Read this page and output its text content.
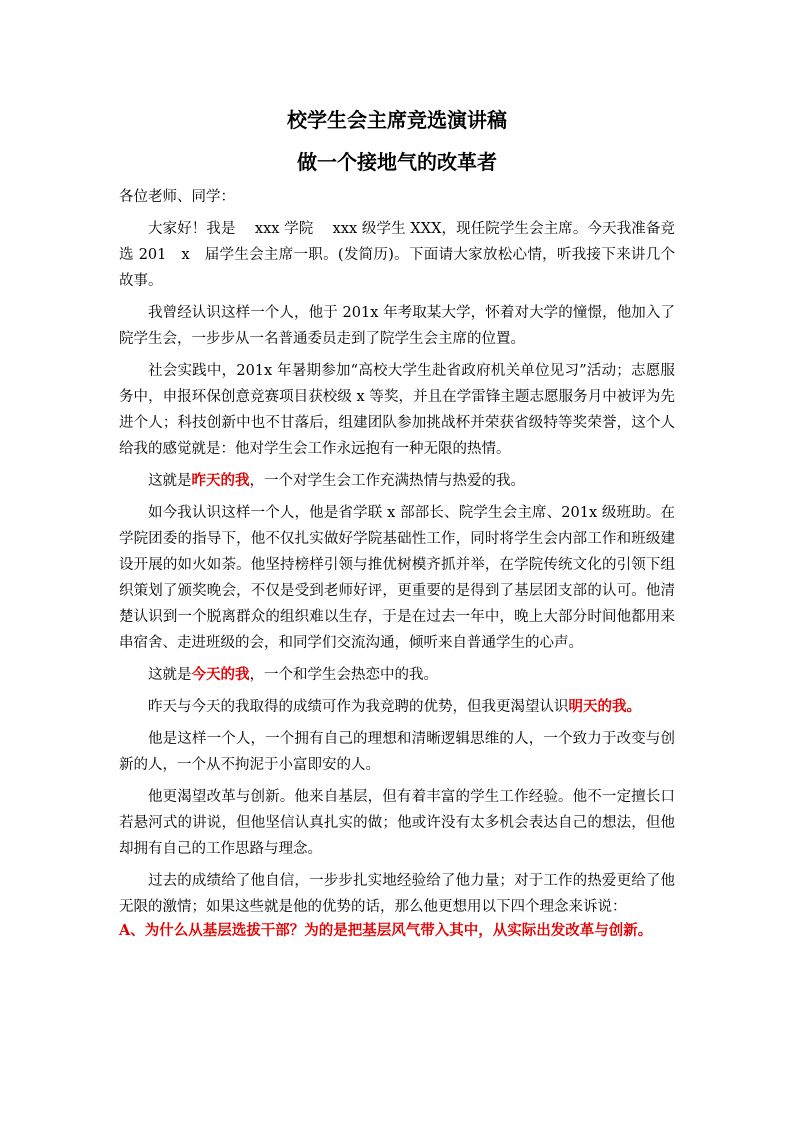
校学生会主席竞选演讲稿
做一个接地气的改革者

各位老师、同学：

大家好！我是　 xxx 学院　 xxx 级学生 XXX，现任院学生会主席。今天我准备竞选 201　x　届学生会主席一职。(发简历)。下面请大家放松心情，听我接下来讲几个故事。

我曾经认识这样一个人，他于 201x 年考取某大学，怀着对大学的憧憬，他加入了院学生会，一步步从一名普通委员走到了院学生会主席的位置。

社会实践中，201x 年暑期参加“高校大学生赴省政府机关单位见习”活动；志愿服务中，申报环保创意竞赛项目获校级 x 等奖，并且在学雷锋主题志愿服务月中被评为先进个人；科技创新中也不甘落后，组建团队参加挑战杯并荣获省级特等奖荣誉，这个人给我的感觉就是：他对学生会工作永远抱有一种无限的热情。

这就是昨天的我，一个对学生会工作充满热情与热爱的我。

如今我认识这样一个人，他是省学联 x 部部长、院学生会主席、201x 级班助。在学院团委的指导下，他不仅扎实做好学院基础性工作，同时将学生会内部工作和班级建设开展的如火如荼。他坚持榜样引领与推优树模齐抓并举，在学院传统文化的引领下组织策划了颁奖晚会，不仅是受到老师好评，更重要的是得到了基层团支部的认可。他清楚认识到一个脱离群众的组织难以生存，于是在过去一年中，晚上大部分时间他都用来串宿舍、走进班级的会，和同学们交流沟通，倾听来自普通学生的心声。

这就是今天的我，一个和学生会热恋中的我。

昨天与今天的我取得的成绩可作为我竞聘的优势，但我更渴望认识明天的我。

他是这样一个人，一个拥有自己的理想和清晰逻辑思维的人，一个致力于改变与创新的人，一个从不拘泥于小富即安的人。

他更渴望改革与创新。他来自基层，但有着丰富的学生工作经验。他不一定擅长口若悬河式的讲说，但他坚信认真扎实的做；他或许没有太多机会表达自己的想法，但他却拥有自己的工作思路与理念。

过去的成绩给了他自信，一步步扎实地经验给了他力量；对于工作的热爱更给了他无限的激情；如果这些就是他的优势的话，那么他更想用以下四个理念来诉说：

A、为什么从基层选拔干部？为的是把基层风气带入其中，从实际出发改革与创新。
